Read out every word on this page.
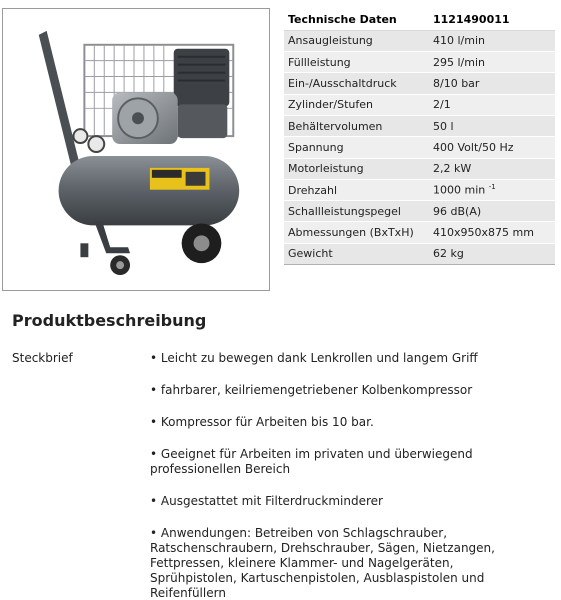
Technische Daten	1121490011
Ansaugleistung	410 l/min
Füllleistung	295 l/min
Ein-/Ausschaltdruck	8/10 bar
Zylinder/Stufen	2/1
Behältervolumen	50 l
Spannung	400 Volt/50 Hz
Motorleistung	2,2 kW
Drehzahl	1000 min $^{-1}$
Schallleistungspegel	96 dB(A)
Abmessungen (BxTxH)	410x950x875 mm
Gewicht	62 kg
Produktbeschreibung
Steckbrief	• Leicht zu bewegen dank Lenkrollen und langem Griff
• fahrbarer, keilriemengetriebener Kolbenkompressor
• Kompressor für Arbeiten bis 10 bar.
• Geeignet für Arbeiten im privaten und überwiegend professionellen Bereich
• Ausgestattet mit Filterdruckminderer
• Anwendungen: Betreiben von Schlagschrauber, Ratschenschraubern, Drehschrauber, Sägen, Nietzangen, Fettpressen, kleinere Klammer- und Nagelgeräten, Sprühpistolen, Kartuschenpistolen, Ausblaspistolen und Reifenfüllern
